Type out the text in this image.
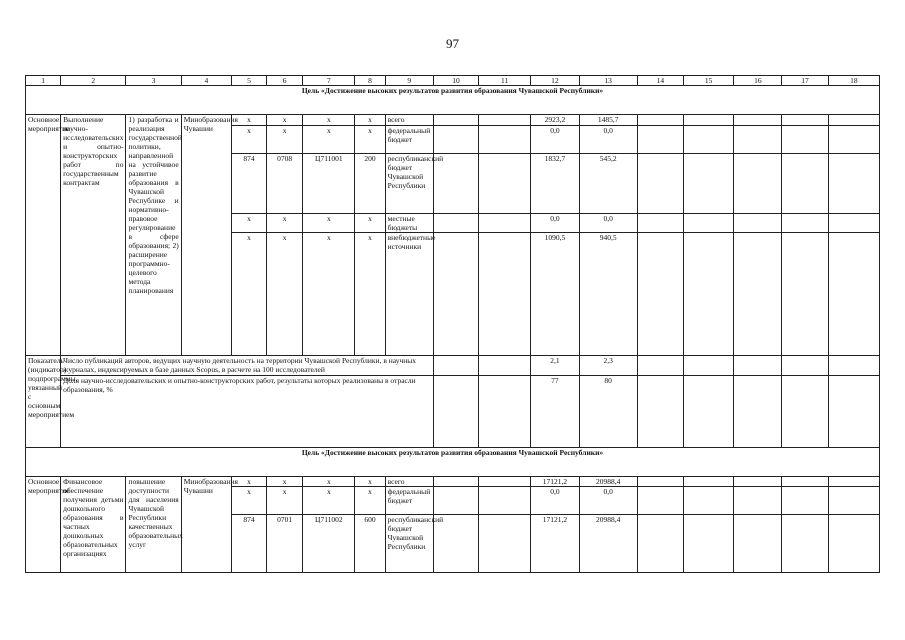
97
1	2	3	4	5	6	7	8	9	10	11	12	13	14	15	16	17	18
Цель «Достижение высоких результатов развития образования Чувашской Республики»																	
Основное мероприятие	Выполнение научно-исследовательских и опытно-конструкторских работ по государственным контрактам	1) разработка и реализация государственной политики, направленной на устойчивое развитие образования в Чувашской Республике и нормативно-правовое регулирование в сфере образования; 2) расширение программно-целевого метода планирования	Минобразования Чувашии	x	x	x	x	всего			2923,2	1485,7					
				x	x	x	x	федеральный бюджет			0,0	0,0					
				874	0708	Ц711001	200	республиканский бюджет Чувашской Республики			1832,7	545,2					
				x	x	x	x	местные бюджеты			0,0	0,0					
				x	x	x	x	внебюджетные источники			1090,5	940,5					
Показатель (индикатор) подпрограммы, увязанный с основным мероприятием	Число публикаций авторов, ведущих научную деятельность на территории Чувашской Республики, в научных журналах, индексируемых в базе данных Scopus, в расчете на 100 исследователей										2,1	2,3					
	Доля научно-исследовательских и опытно-конструкторских работ, результаты которых реализованы в отрасли образования, %										77	80					
Цель «Достижение высоких результатов развития образования Чувашской Республики»																	
Основное мероприятие	Финансовое обеспечение получения детьми дошкольного образования в частных дошкольных образовательных организациях	повышение доступности для населения Чувашской Республики качественных образовательных услуг	Минобразования Чувашии	x	x	x	x	всего			17121,2	20988,4					
				x	x	x	x	федеральный бюджет			0,0	0,0					
				874	0701	Ц711002	600	республиканский бюджет Чувашской Республики			17121,2	20988,4					
